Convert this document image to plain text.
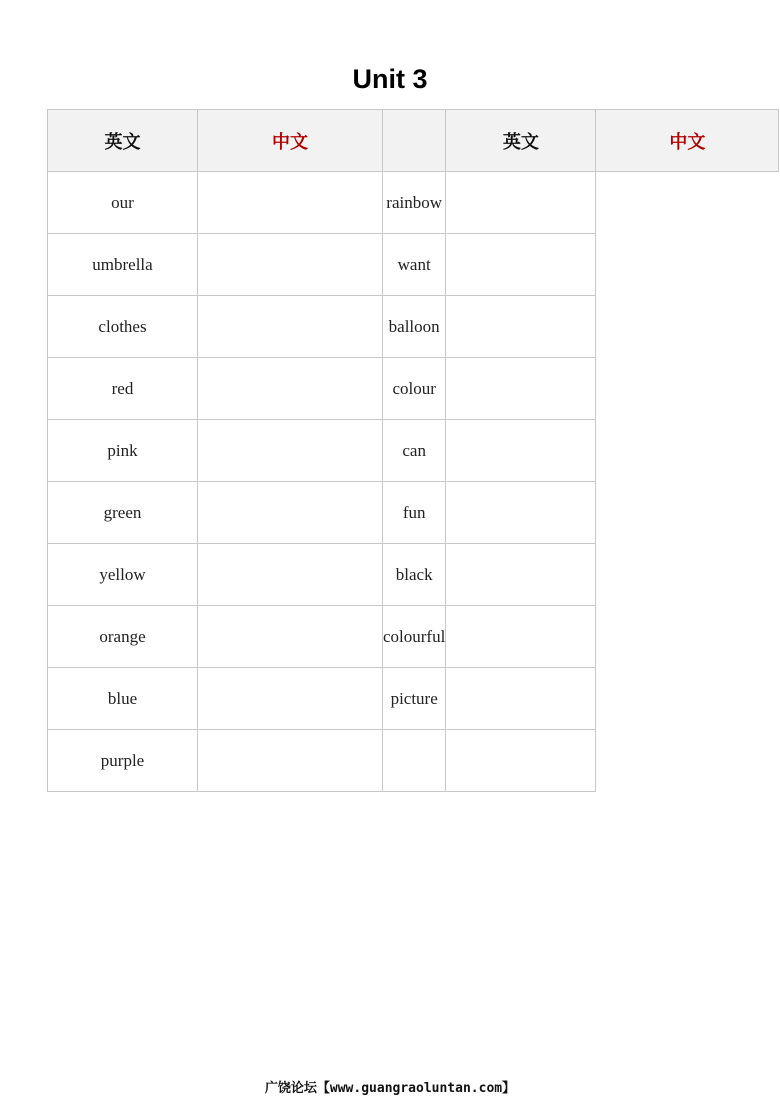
Unit 3
英文	中文		英文	中文
our		rainbow		
umbrella		want		
clothes		balloon		
red		colour		
pink		can		
green		fun		
yellow		black		
orange		colourful		
blue		picture		
purple				
广饶论坛【www.guangraoluntan.com】
